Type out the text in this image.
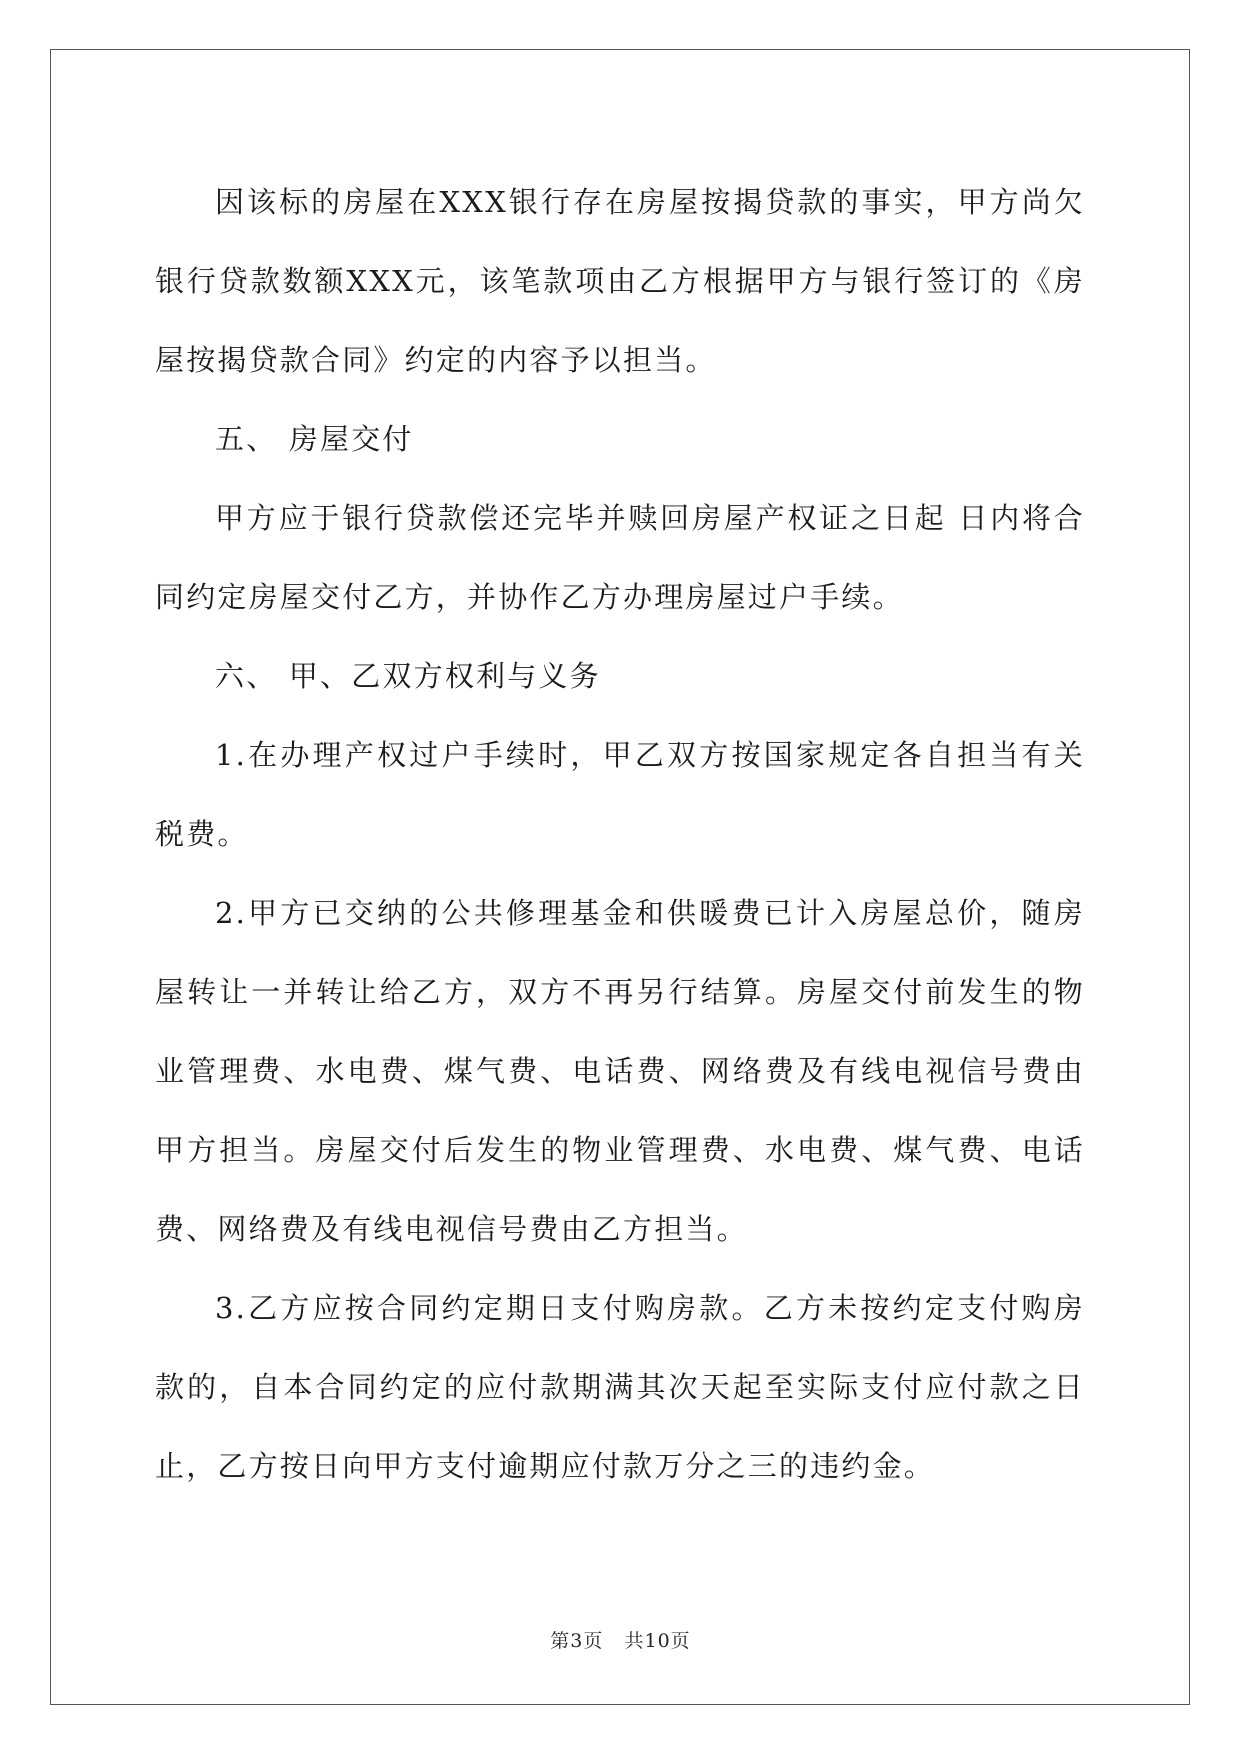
因该标的房屋在XXX银行存在房屋按揭贷款的事实，甲方尚欠银行贷款数额XXX元，该笔款项由乙方根据甲方与银行签订的《房屋按揭贷款合同》约定的内容予以担当。

五、 房屋交付

甲方应于银行贷款偿还完毕并赎回房屋产权证之日起 日内将合同约定房屋交付乙方，并协作乙方办理房屋过户手续。

六、 甲、乙双方权利与义务

1.在办理产权过户手续时，甲乙双方按国家规定各自担当有关税费。

2.甲方已交纳的公共修理基金和供暖费已计入房屋总价，随房屋转让一并转让给乙方，双方不再另行结算。房屋交付前发生的物业管理费、水电费、煤气费、电话费、网络费及有线电视信号费由甲方担当。房屋交付后发生的物业管理费、水电费、煤气费、电话费、网络费及有线电视信号费由乙方担当。

3.乙方应按合同约定期日支付购房款。乙方未按约定支付购房款的，自本合同约定的应付款期满其次天起至实际支付应付款之日止，乙方按日向甲方支付逾期应付款万分之三的违约金。

第3页   共10页
